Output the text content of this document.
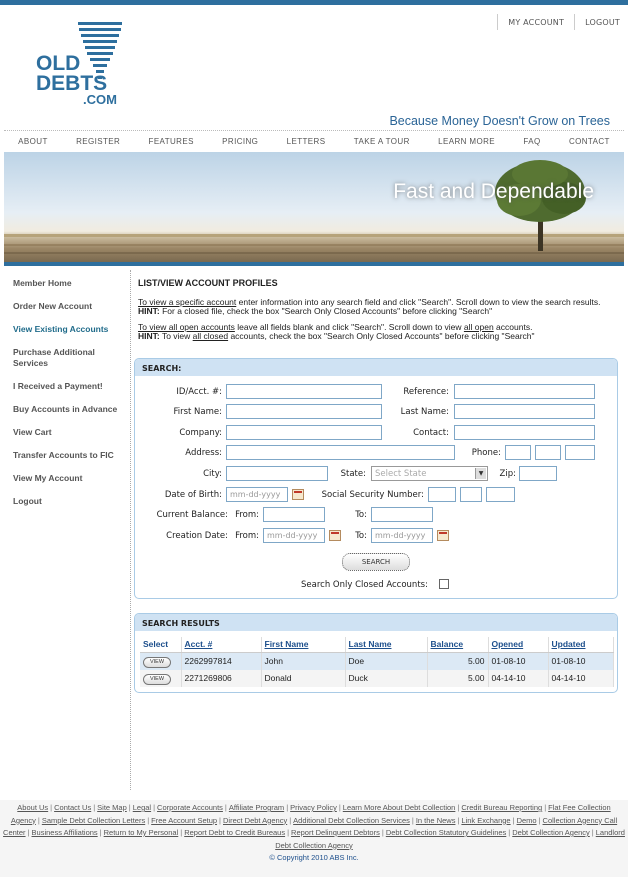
MY ACCOUNT	LOGOUT
OLD
DEBTS
.COM
Because Money Doesn't Grow on Trees
ABOUT	REGISTER	FEATURES	PRICING	LETTERS	TAKE A TOUR	LEARN MORE	FAQ	CONTACT
Fast and Dependable
Member Home
Order New Account
View Existing Accounts
Purchase Additional Services
I Received a Payment!
Buy Accounts in Advance
View Cart
Transfer Accounts to FIC
View My Account
Logout
LIST/VIEW ACCOUNT PROFILES

To view a specific account enter information into any search field and click "Search". Scroll down to view the search results.
HINT: For a closed file, check the box "Search Only Closed Accounts" before clicking "Search"

To view all open accounts leave all fields blank and click "Search". Scroll down to view all open accounts.
HINT: To view all closed accounts, check the box "Search Only Closed Accounts" before clicking "Search"

SEARCH:
ID/Acct. #:	Reference:
First Name:	Last Name:
Company:	Contact:
Address:	Phone:
City:	State:	Select State	▼	Zip:
Date of Birth:	mm-dd-yyyy	Social Security Number:
Current Balance: From:	To:
Creation Date: From:	mm-dd-yyyy	To:	mm-dd-yyyy
SEARCH
Search Only Closed Accounts:
SEARCH RESULTS
Select	Acct. #	First Name	Last Name	Balance	Opened	Updated
VIEW	2262997814	John	Doe	5.00	01-08-10	01-08-10
VIEW	2271269806	Donald	Duck	5.00	04-14-10	04-14-10
About Us | Contact Us | Site Map | Legal | Corporate Accounts | Affiliate Program | Privacy Policy | Learn More About Debt Collection | Credit Bureau Reporting | Flat Fee Collection Agency | Sample Debt Collection Letters | Free Account Setup | Direct Debt Agency | Additional Debt Collection Services | In the News | Link Exchange | Demo | Collection Agency Call Center | Business Affiliations | Return to My Personal | Report Debt to Credit Bureaus | Report Delinquent Debtors | Debt Collection Statutory Guidelines | Debt Collection Agency | Landlord Debt Collection Agency
© Copyright 2010 ABS Inc.
